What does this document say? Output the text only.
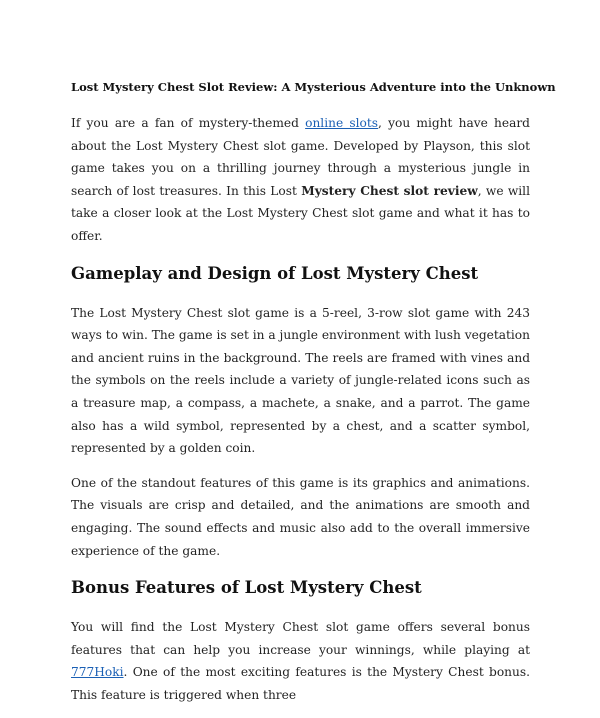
Lost Mystery Chest Slot Review: A Mysterious Adventure into the Unknown

If you are a fan of mystery-themed online slots, you might have heard about the Lost Mystery Chest slot game. Developed by Playson, this slot game takes you on a thrilling journey through a mysterious jungle in search of lost treasures. In this Lost Mystery Chest slot review, we will take a closer look at the Lost Mystery Chest slot game and what it has to offer.

Gameplay and Design of Lost Mystery Chest

The Lost Mystery Chest slot game is a 5-reel, 3-row slot game with 243 ways to win. The game is set in a jungle environment with lush vegetation and ancient ruins in the background. The reels are framed with vines and the symbols on the reels include a variety of jungle-related icons such as a treasure map, a compass, a machete, a snake, and a parrot. The game also has a wild symbol, represented by a chest, and a scatter symbol, represented by a golden coin.

One of the standout features of this game is its graphics and animations. The visuals are crisp and detailed, and the animations are smooth and engaging. The sound effects and music also add to the overall immersive experience of the game.

Bonus Features of Lost Mystery Chest

You will find the Lost Mystery Chest slot game offers several bonus features that can help you increase your winnings, while playing at 777Hoki. One of the most exciting features is the Mystery Chest bonus. This feature is triggered when three
